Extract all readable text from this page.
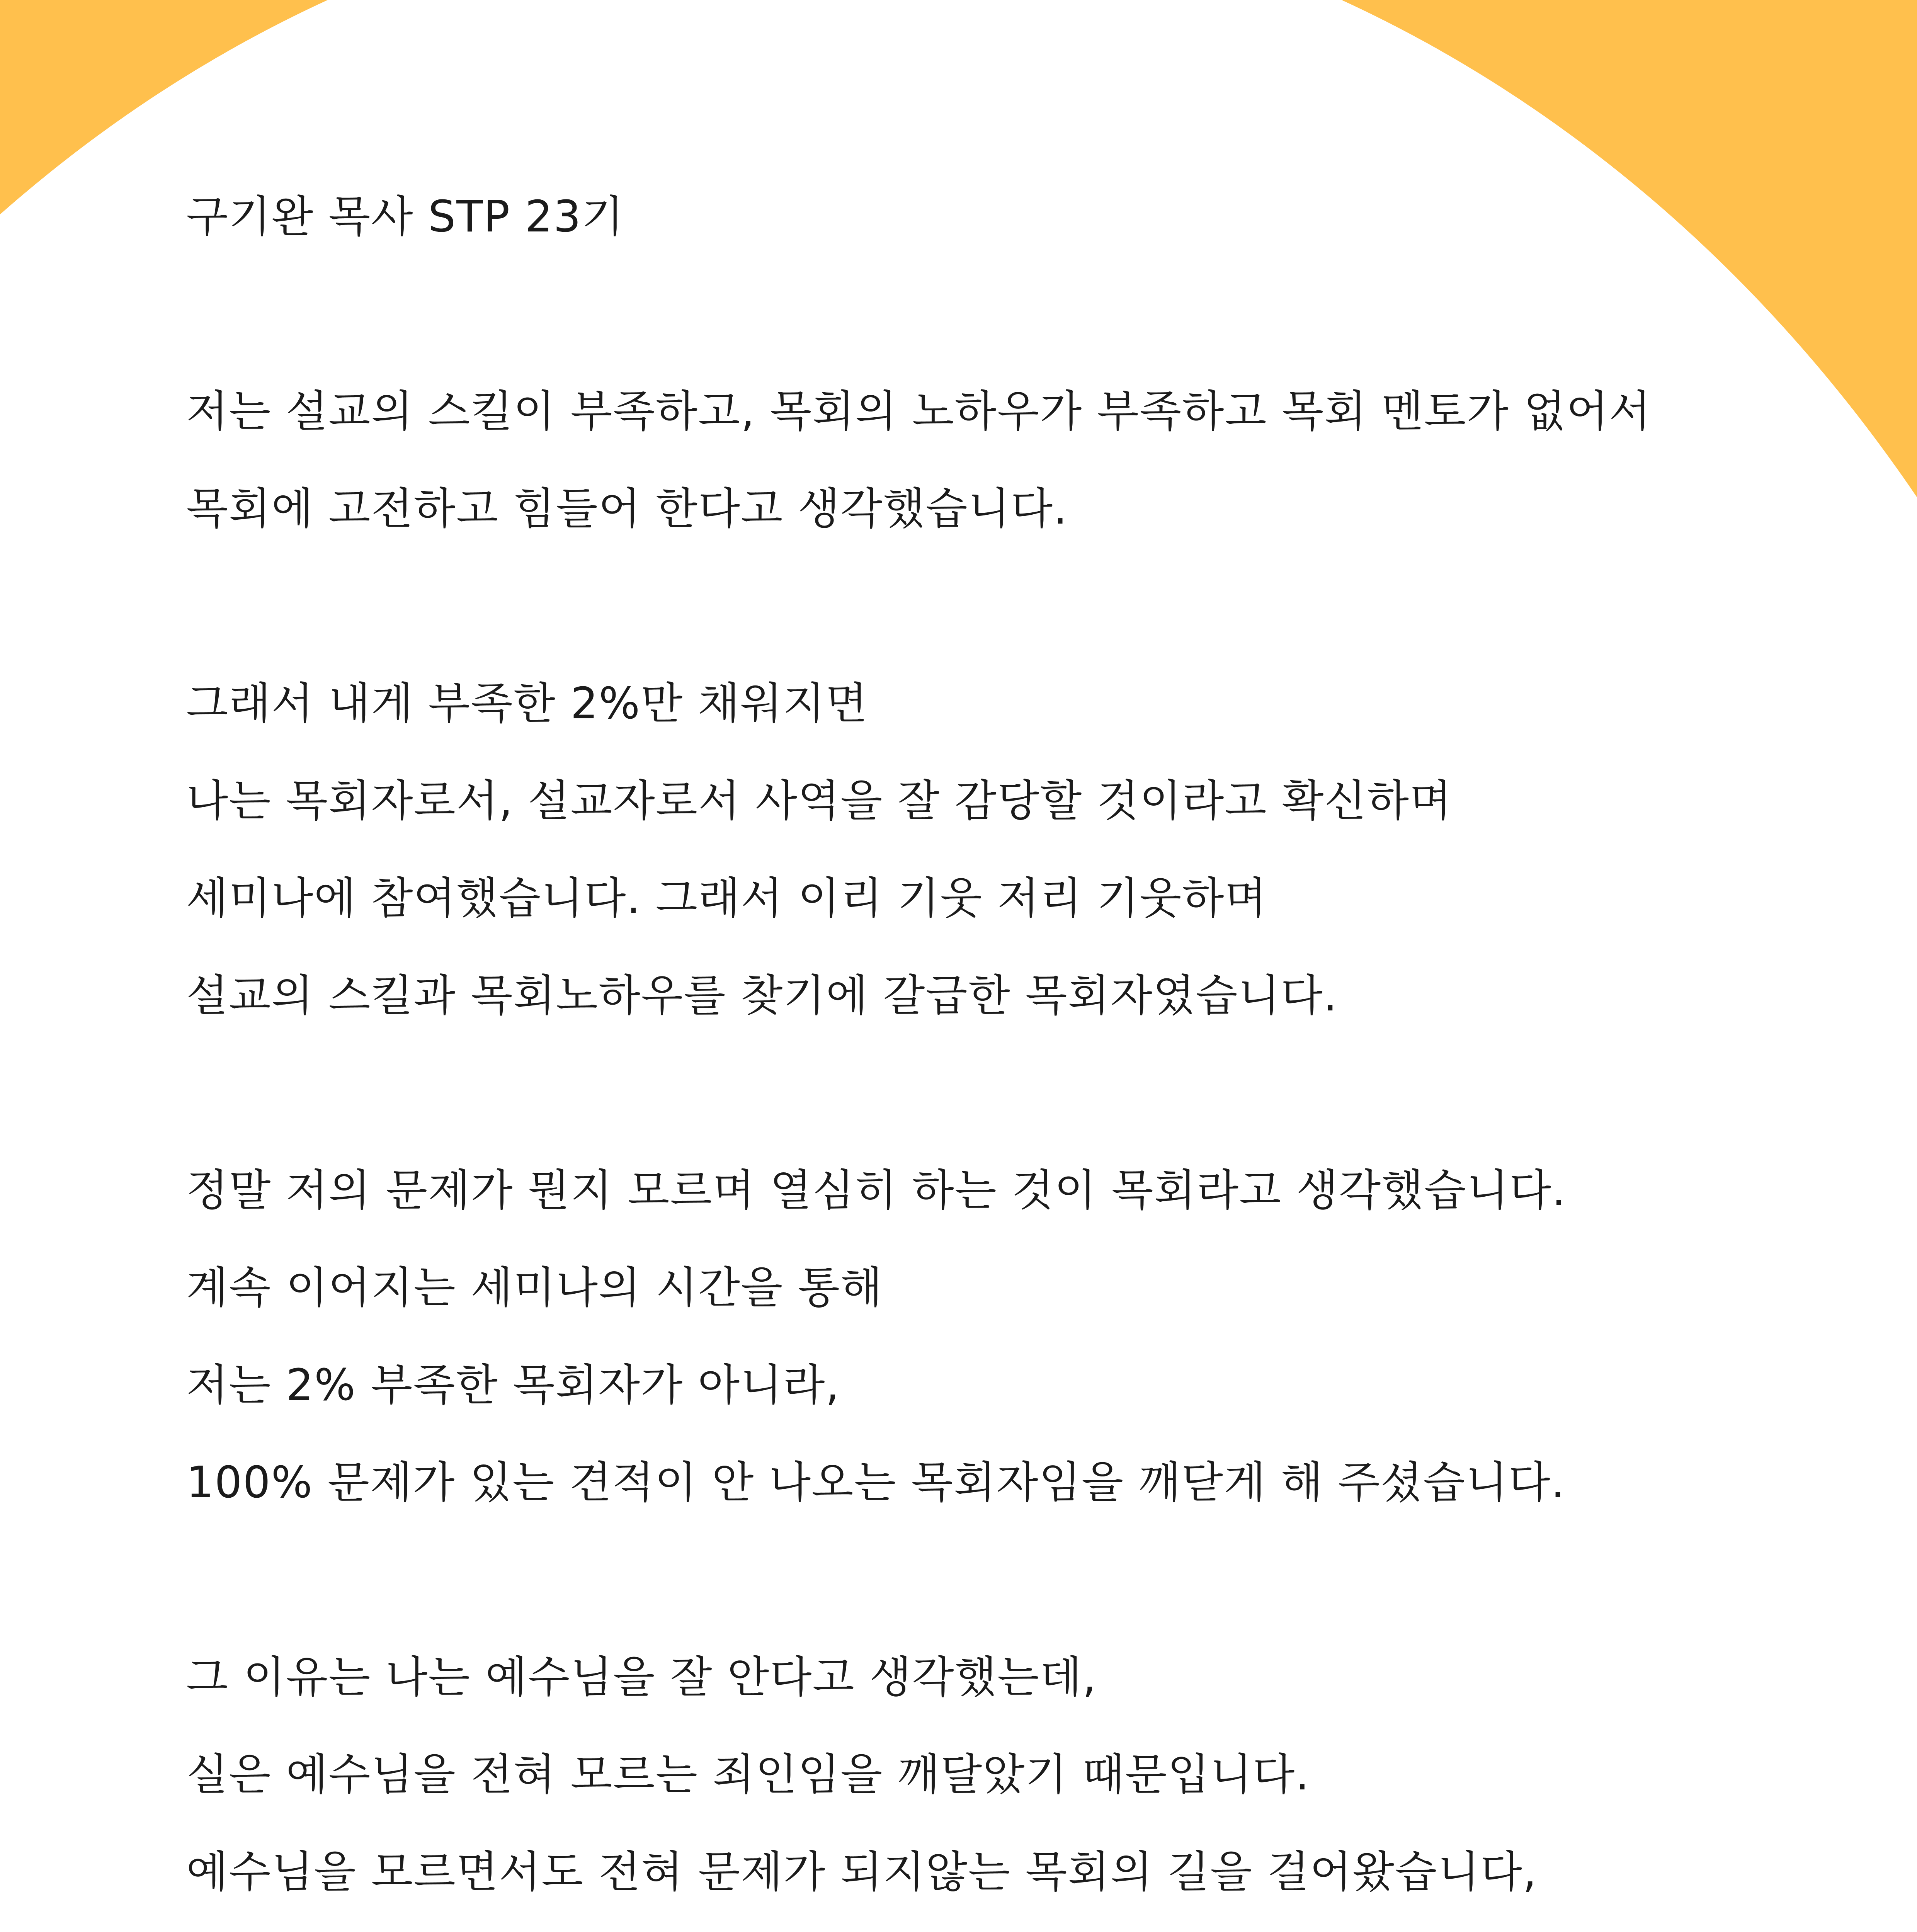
구기완 목사 STP 23기
저는 설교의 스킬이 부족하고, 목회의 노하우가 부족하고 목회 멘토가 없어서
목회에 고전하고 힘들어 한다고 생각했습니다.
그래서 내게 부족한 2%만 채워지면
나는 목회자로서, 설교자로서 사역을 잘 감당할 것이라고 확신하며
세미나에 참여했습니다. 그래서 이리 기웃 저리 기웃하며
설교의 스킬과 목회노하우를 찾기에 갈급한 목회자였습니다.
정말 저의 문제가 뭔지 모르며 열심히 하는 것이 목회라고 생각했습니다.
계속 이어지는 세미나의 시간을 통해
저는 2% 부족한 목회자가 아니라,
100% 문제가 있는 견적이 안 나오는 목회자임을 깨닫게 해 주셨습니다.
그 이유는 나는 예수님을 잘 안다고 생각했는데,
실은 예수님을 전혀 모르는 죄인임을 깨달았기 때문입니다.
예수님을 모르면서도 전혀 문제가 되지않는 목회의 길을 걸어왔습니다,
